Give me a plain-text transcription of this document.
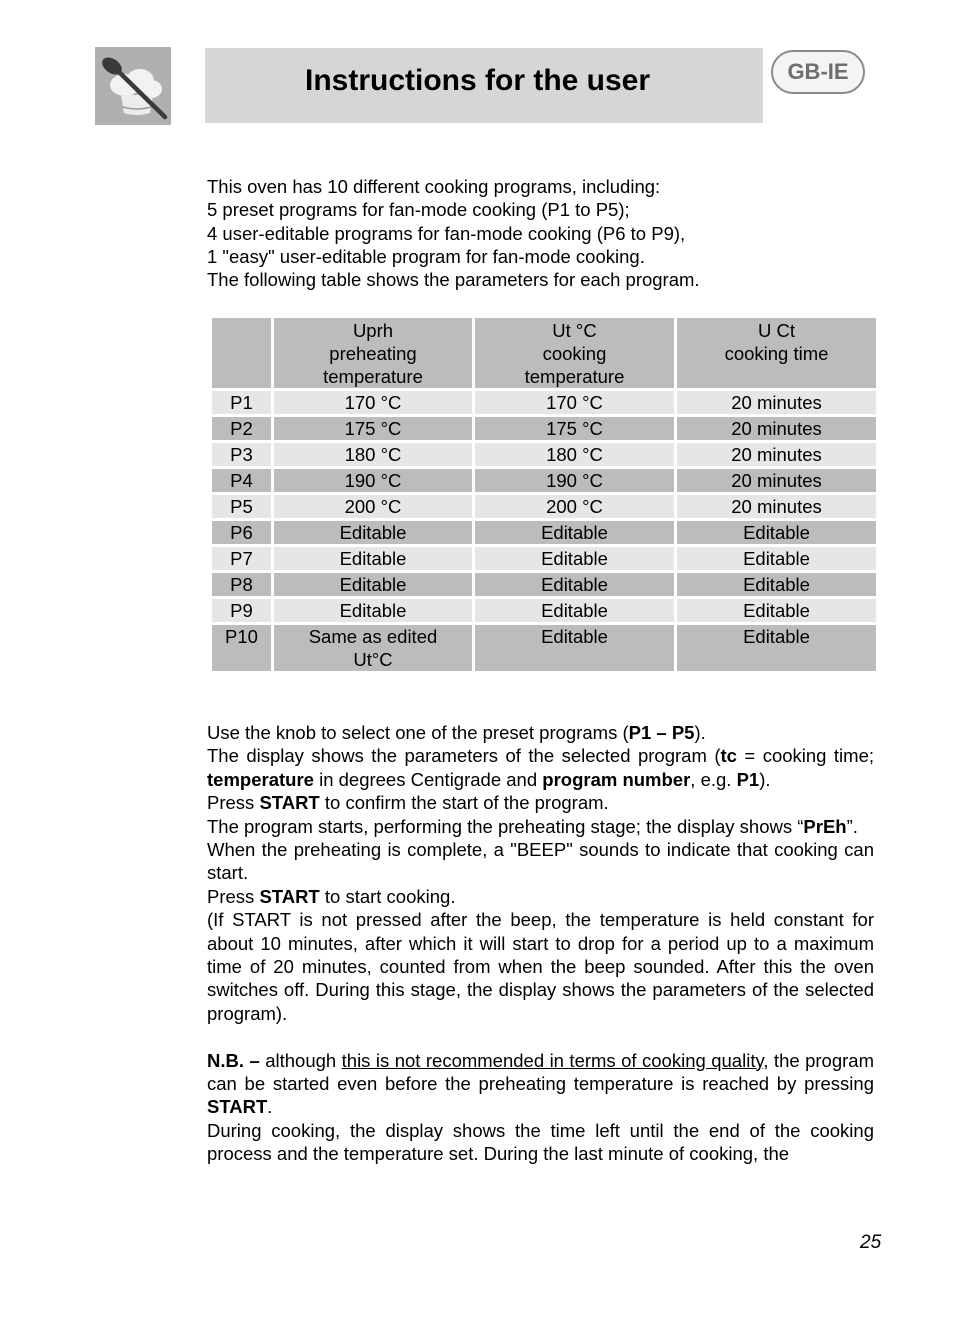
Instructions for the user	GB-IE

This oven has 10 different cooking programs, including:

5 preset programs for fan-mode cooking (P1 to P5);

4 user-editable programs for fan-mode cooking (P6 to P9),

1 "easy" user-editable program for fan-mode cooking.

The following table shows the parameters for each program.

	Uprh
preheating
temperature	Ut °C
cooking
temperature	U Ct
cooking time

P1	170 °C	170 °C	20 minutes
P2	175 °C	175 °C	20 minutes
P3	180 °C	180 °C	20 minutes
P4	190 °C	190 °C	20 minutes
P5	200 °C	200 °C	20 minutes
P6	Editable	Editable	Editable
P7	Editable	Editable	Editable
P8	Editable	Editable	Editable
P9	Editable	Editable	Editable
P10	Same as edited
Ut°C	Editable	Editable

Use the knob to select one of the preset programs (P1 – P5).

The display shows the parameters of the selected program (tc = cooking time; temperature in degrees Centigrade and program number, e.g. P1).

Press START to confirm the start of the program.

The program starts, performing the preheating stage; the display shows “PrEh”.

When the preheating is complete, a "BEEP" sounds to indicate that cooking can start.

Press START to start cooking.

(If START is not pressed after the beep, the temperature is held constant for about 10 minutes, after which it will start to drop for a period up to a maximum time of 20 minutes, counted from when the beep sounded. After this the oven switches off. During this stage, the display shows the parameters of the selected program).

N.B. – although this is not recommended in terms of cooking quality, the program can be started even before the preheating temperature is reached by pressing START.

During cooking, the display shows the time left until the end of the cooking process and the temperature set. During the last minute of cooking, the

25
